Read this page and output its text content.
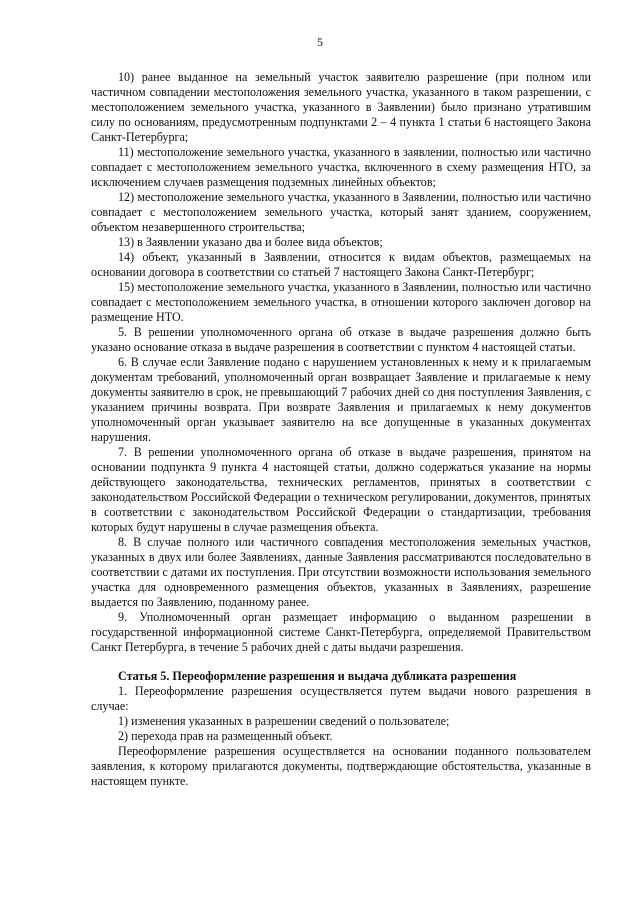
5

10) ранее выданное на земельный участок заявителю разрешение (при полном или частичном совпадении местоположения земельного участка, указанного в таком разрешении, с местоположением земельного участка, указанного в Заявлении) было признано утратившим силу по основаниям, предусмотренным подпунктами 2 – 4 пункта 1 статьи 6 настоящего Закона Санкт-Петербурга;

11) местоположение земельного участка, указанного в заявлении, полностью или частично совпадает с местоположением земельного участка, включенного в схему размещения НТО, за исключением случаев размещения подземных линейных объектов;

12) местоположение земельного участка, указанного в Заявлении, полностью или частично совпадает с местоположением земельного участка, который занят зданием, сооружением, объектом незавершенного строительства;

13) в Заявлении указано два и более вида объектов;

14) объект, указанный в Заявлении, относится к видам объектов, размещаемых на основании договора в соответствии со статьей 7 настоящего Закона Санкт-Петербург;

15) местоположение земельного участка, указанного в Заявлении, полностью или частично совпадает с местоположением земельного участка, в отношении которого заключен договор на размещение НТО.

5. В решении уполномоченного органа об отказе в выдаче разрешения должно быть указано основание отказа в выдаче разрешения в соответствии с пунктом 4 настоящей статьи.

6. В случае если Заявление подано с нарушением установленных к нему и к прилагаемым документам требований, уполномоченный орган возвращает Заявление и прилагаемые к нему документы заявителю в срок, не превышающий 7 рабочих дней со дня поступления Заявления, с указанием причины возврата. При возврате Заявления и прилагаемых к нему документов уполномоченный орган указывает заявителю на все допущенные в указанных документах нарушения.

7. В решении уполномоченного органа об отказе в выдаче разрешения, принятом на основании подпункта 9 пункта 4 настоящей статьи, должно содержаться указание на нормы действующего законодательства, технических регламентов, принятых в соответствии с законодательством Российской Федерации о техническом регулировании, документов, принятых в соответствии с законодательством Российской Федерации о стандартизации, требования которых будут нарушены в случае размещения объекта.

8. В случае полного или частичного совпадения местоположения земельных участков, указанных в двух или более Заявлениях, данные Заявления рассматриваются последовательно в соответствии с датами их поступления. При отсутствии возможности использования земельного участка для одновременного размещения объектов, указанных в Заявлениях, разрешение выдается по Заявлению, поданному ранее.

9. Уполномоченный орган размещает информацию о выданном разрешении в государственной информационной системе Санкт-Петербурга, определяемой Правительством Санкт Петербурга, в течение 5 рабочих дней с даты выдачи разрешения.

Статья 5. Переоформление разрешения и выдача дубликата разрешения

1. Переоформление разрешения осуществляется путем выдачи нового разрешения в случае:

1) изменения указанных в разрешении сведений о пользователе;

2) перехода прав на размещенный объект.

Переоформление разрешения осуществляется на основании поданного пользователем заявления, к которому прилагаются документы, подтверждающие обстоятельства, указанные в настоящем пункте.
